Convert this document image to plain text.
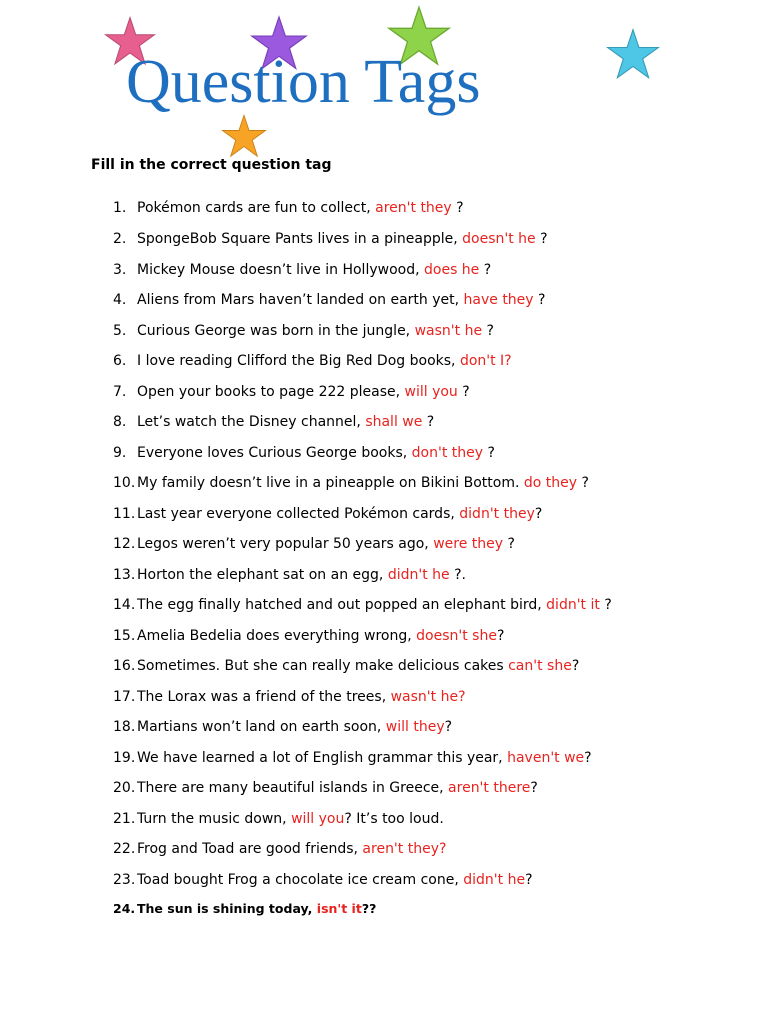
Question Tags

Fill in the correct question tag

1. Pokémon cards are fun to collect, aren't they ?
2. SpongeBob Square Pants lives in a pineapple, doesn't he ?
3. Mickey Mouse doesn’t live in Hollywood, does he ?
4. Aliens from Mars haven’t landed on earth yet, have they ?
5. Curious George was born in the jungle, wasn't he ?
6. I love reading Clifford the Big Red Dog books, don't I?
7. Open your books to page 222 please, will you ?
8. Let’s watch the Disney channel, shall we ?
9. Everyone loves Curious George books, don't they ?
10. My family doesn’t live in a pineapple on Bikini Bottom. do they ?
11. Last year everyone collected Pokémon cards, didn't they?
12. Legos weren’t very popular 50 years ago, were they ?
13. Horton the elephant sat on an egg, didn't he ?.
14. The egg finally hatched and out popped an elephant bird, didn't it ?
15. Amelia Bedelia does everything wrong, doesn't she?
16. Sometimes. But she can really make delicious cakes can't she?
17. The Lorax was a friend of the trees, wasn't he?
18. Martians won’t land on earth soon, will they?
19. We have learned a lot of English grammar this year, haven't we?
20. There are many beautiful islands in Greece, aren't there?
21. Turn the music down, will you? It’s too loud.
22. Frog and Toad are good friends, aren't they?
23. Toad bought Frog a chocolate ice cream cone, didn't he?
24. The sun is shining today, isn't it??
